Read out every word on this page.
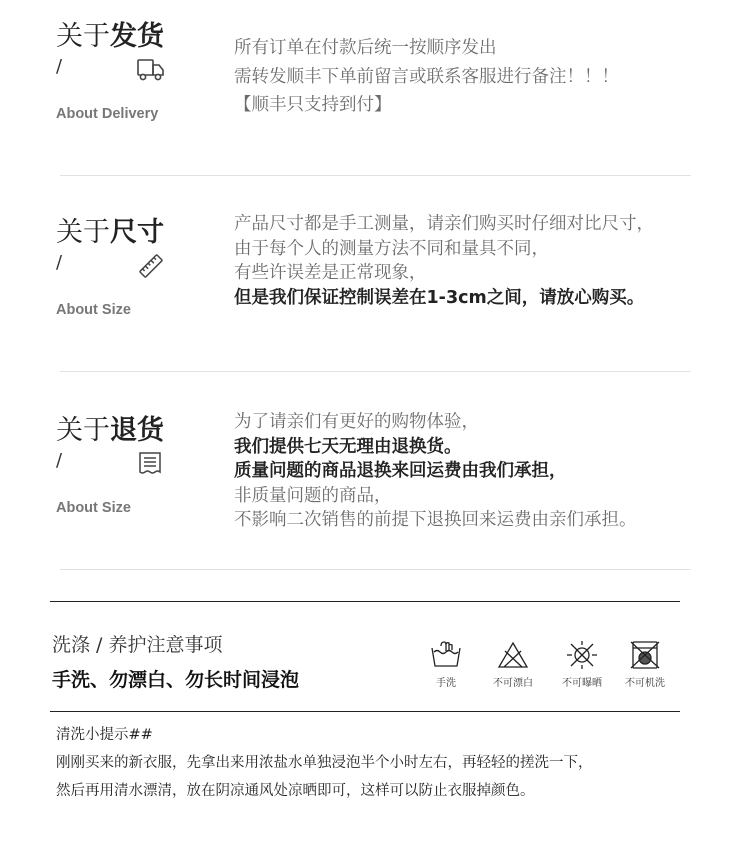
关于发货
/
About Delivery
所有订单在付款后统一按顺序发出
需转发顺丰下单前留言或联系客服进行备注！！！
【顺丰只支持到付】
关于尺寸
/
About Size
产品尺寸都是手工测量，请亲们购买时仔细对比尺寸，
由于每个人的测量方法不同和量具不同，
有些许误差是正常现象，
但是我们保证控制误差在1-3cm之间，请放心购买。
关于退货
/
About Size
为了请亲们有更好的购物体验，
我们提供七天无理由退换货。
质量问题的商品退换来回运费由我们承担，
非质量问题的商品，
不影响二次销售的前提下退换回来运费由亲们承担。
洗涤 / 养护注意事项
手洗、勿漂白、勿长时间浸泡	手洗	不可漂白	不可曝晒	不可机洗
清洗小提示##
刚刚买来的新衣服，先拿出来用浓盐水单独浸泡半个小时左右，再轻轻的搓洗一下，
然后再用清水漂清，放在阴凉通风处凉晒即可，这样可以防止衣服掉颜色。
